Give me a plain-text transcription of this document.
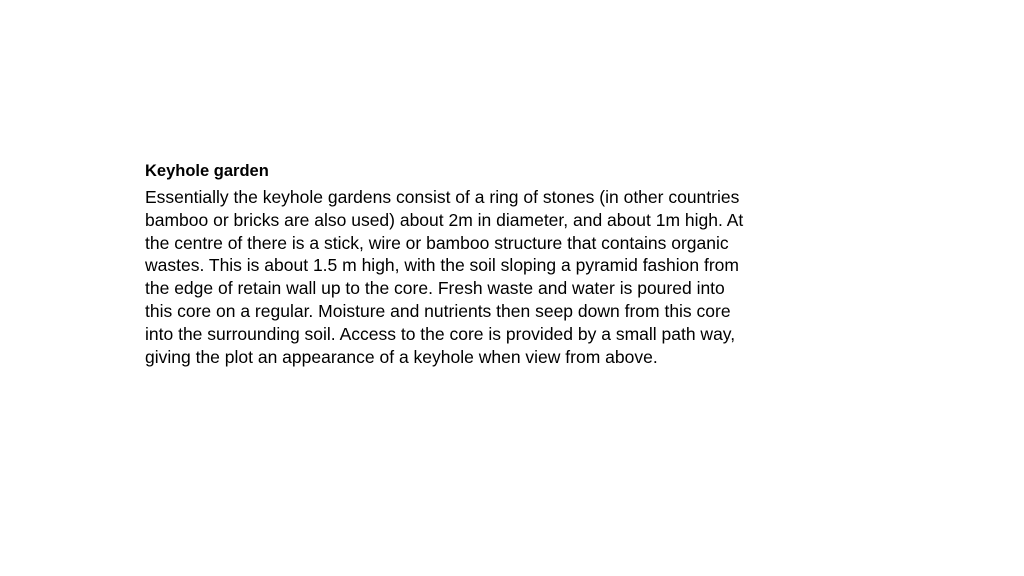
Keyhole garden
Essentially the keyhole gardens consist of a ring of stones (in other countries
bamboo or bricks are also used) about 2m in diameter, and about 1m high. At
the centre of there is a stick, wire or bamboo structure that contains organic
wastes. This is about 1.5 m high, with the soil sloping a pyramid fashion from
the edge of retain wall up to the core. Fresh waste and water is poured into
this core on a regular. Moisture and nutrients then seep down from this core
into the surrounding soil. Access to the core is provided by a small path way,
giving the plot an appearance of a keyhole when view from above.
